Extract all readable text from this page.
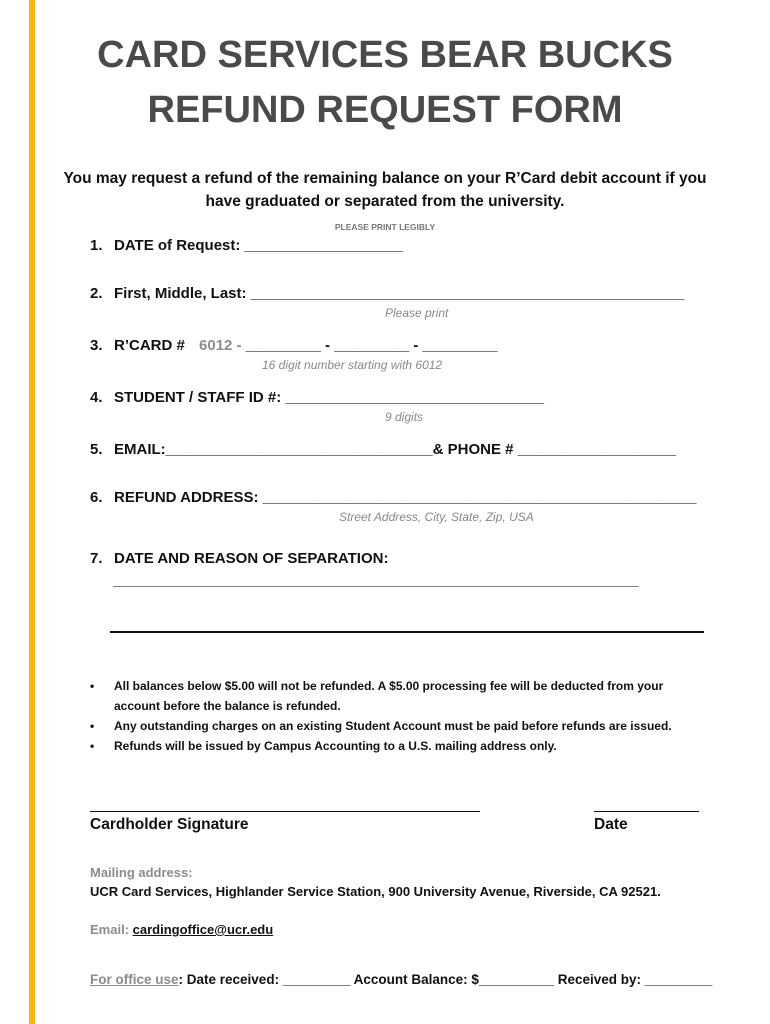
CARD SERVICES BEAR BUCKS
REFUND REQUEST FORM
You may request a refund of the remaining balance on your R’Card debit account if you have graduated or separated from the university.
PLEASE PRINT LEGIBLY
1. DATE of Request: ___________________
2. First, Middle, Last: ____________________________________________________
Please print
3. R’CARD # 6012 - _________ - _________ - _________
16 digit number starting with 6012
4. STUDENT / STAFF ID #: _______________________________
9 digits
5. EMAIL:________________________________& PHONE # ___________________
6. REFUND ADDRESS: ____________________________________________________
Street Address, City, State, Zip, USA
7. DATE AND REASON OF SEPARATION:
______________________________________________________________________
• All balances below $5.00 will not be refunded. A $5.00 processing fee will be deducted from your account before the balance is refunded.
• Any outstanding charges on an existing Student Account must be paid before refunds are issued.
• Refunds will be issued by Campus Accounting to a U.S. mailing address only.
Cardholder Signature	Date
Mailing address:
UCR Card Services, Highlander Service Station, 900 University Avenue, Riverside, CA 92521.
Email: cardingoffice@ucr.edu
For office use: Date received: _________ Account Balance: $__________ Received by: _________
